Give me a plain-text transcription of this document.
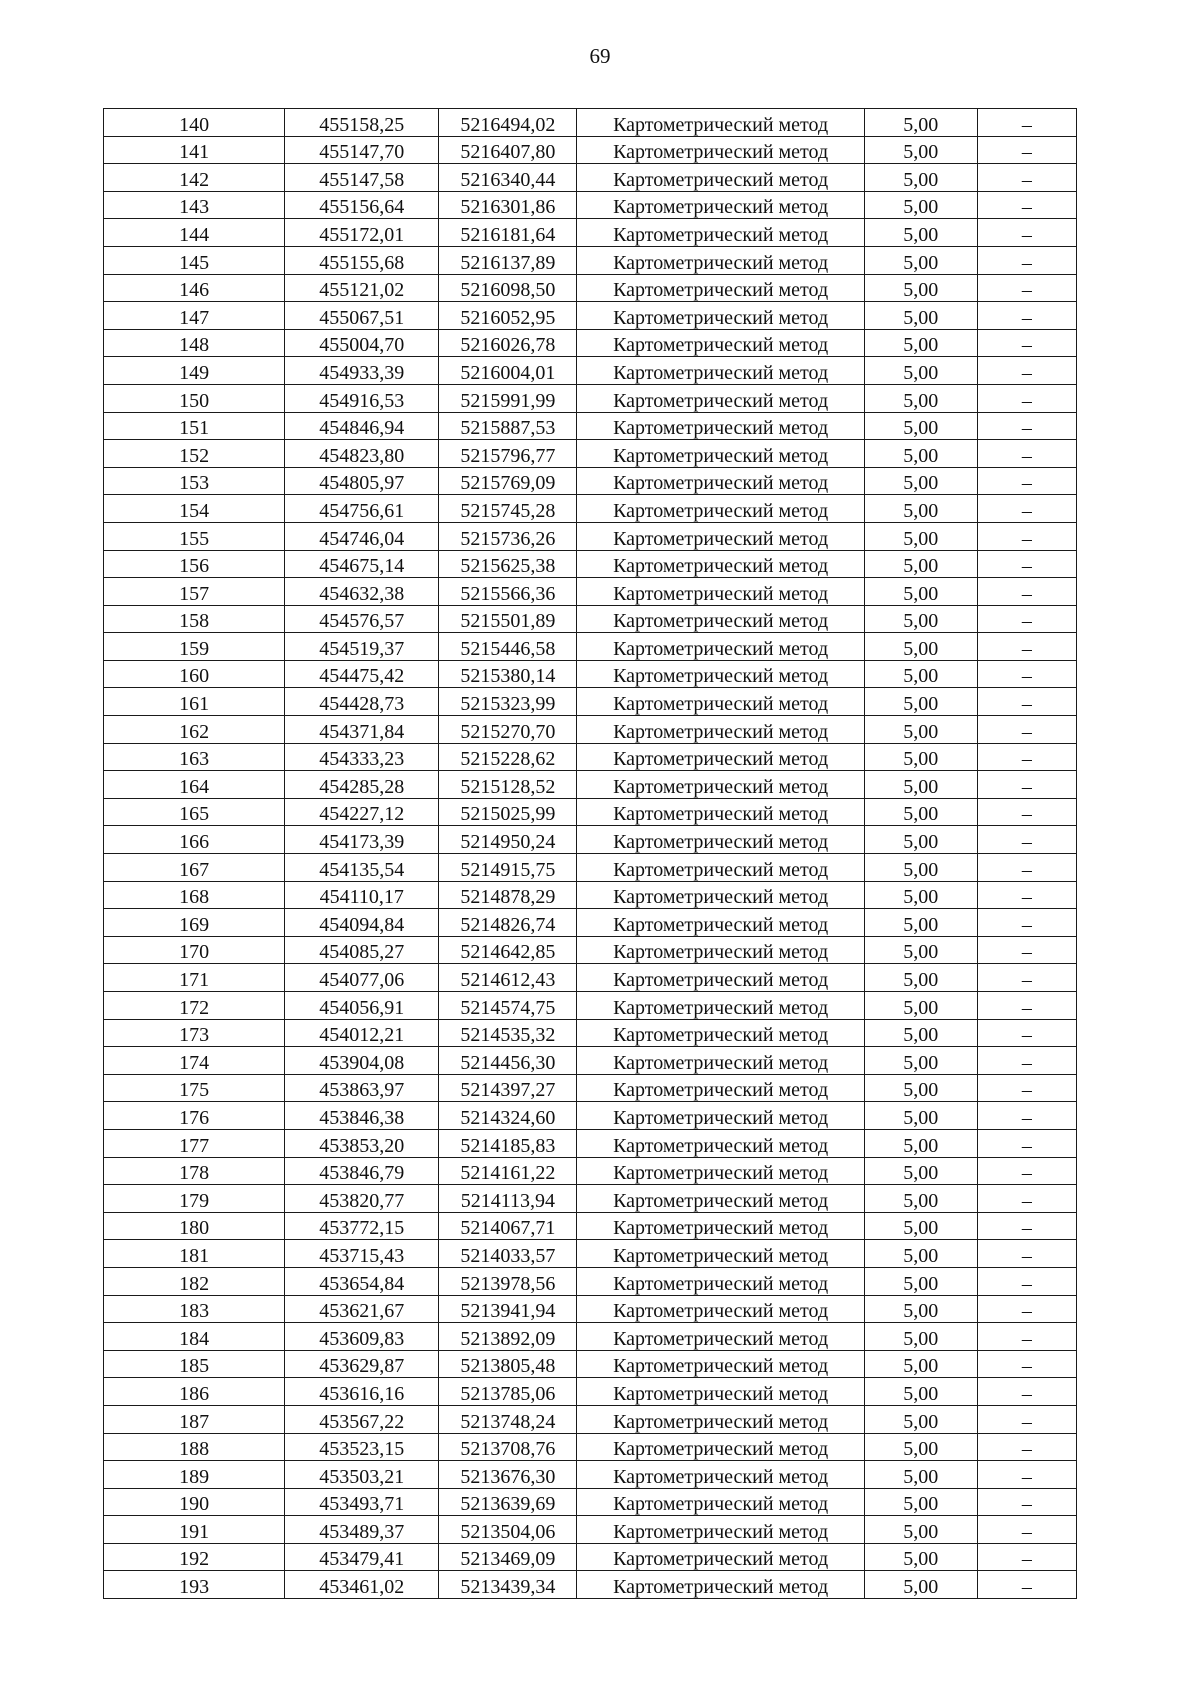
69
140	455158,25	5216494,02	Картометрический метод	5,00	–
141	455147,70	5216407,80	Картометрический метод	5,00	–
142	455147,58	5216340,44	Картометрический метод	5,00	–
143	455156,64	5216301,86	Картометрический метод	5,00	–
144	455172,01	5216181,64	Картометрический метод	5,00	–
145	455155,68	5216137,89	Картометрический метод	5,00	–
146	455121,02	5216098,50	Картометрический метод	5,00	–
147	455067,51	5216052,95	Картометрический метод	5,00	–
148	455004,70	5216026,78	Картометрический метод	5,00	–
149	454933,39	5216004,01	Картометрический метод	5,00	–
150	454916,53	5215991,99	Картометрический метод	5,00	–
151	454846,94	5215887,53	Картометрический метод	5,00	–
152	454823,80	5215796,77	Картометрический метод	5,00	–
153	454805,97	5215769,09	Картометрический метод	5,00	–
154	454756,61	5215745,28	Картометрический метод	5,00	–
155	454746,04	5215736,26	Картометрический метод	5,00	–
156	454675,14	5215625,38	Картометрический метод	5,00	–
157	454632,38	5215566,36	Картометрический метод	5,00	–
158	454576,57	5215501,89	Картометрический метод	5,00	–
159	454519,37	5215446,58	Картометрический метод	5,00	–
160	454475,42	5215380,14	Картометрический метод	5,00	–
161	454428,73	5215323,99	Картометрический метод	5,00	–
162	454371,84	5215270,70	Картометрический метод	5,00	–
163	454333,23	5215228,62	Картометрический метод	5,00	–
164	454285,28	5215128,52	Картометрический метод	5,00	–
165	454227,12	5215025,99	Картометрический метод	5,00	–
166	454173,39	5214950,24	Картометрический метод	5,00	–
167	454135,54	5214915,75	Картометрический метод	5,00	–
168	454110,17	5214878,29	Картометрический метод	5,00	–
169	454094,84	5214826,74	Картометрический метод	5,00	–
170	454085,27	5214642,85	Картометрический метод	5,00	–
171	454077,06	5214612,43	Картометрический метод	5,00	–
172	454056,91	5214574,75	Картометрический метод	5,00	–
173	454012,21	5214535,32	Картометрический метод	5,00	–
174	453904,08	5214456,30	Картометрический метод	5,00	–
175	453863,97	5214397,27	Картометрический метод	5,00	–
176	453846,38	5214324,60	Картометрический метод	5,00	–
177	453853,20	5214185,83	Картометрический метод	5,00	–
178	453846,79	5214161,22	Картометрический метод	5,00	–
179	453820,77	5214113,94	Картометрический метод	5,00	–
180	453772,15	5214067,71	Картометрический метод	5,00	–
181	453715,43	5214033,57	Картометрический метод	5,00	–
182	453654,84	5213978,56	Картометрический метод	5,00	–
183	453621,67	5213941,94	Картометрический метод	5,00	–
184	453609,83	5213892,09	Картометрический метод	5,00	–
185	453629,87	5213805,48	Картометрический метод	5,00	–
186	453616,16	5213785,06	Картометрический метод	5,00	–
187	453567,22	5213748,24	Картометрический метод	5,00	–
188	453523,15	5213708,76	Картометрический метод	5,00	–
189	453503,21	5213676,30	Картометрический метод	5,00	–
190	453493,71	5213639,69	Картометрический метод	5,00	–
191	453489,37	5213504,06	Картометрический метод	5,00	–
192	453479,41	5213469,09	Картометрический метод	5,00	–
193	453461,02	5213439,34	Картометрический метод	5,00	–
